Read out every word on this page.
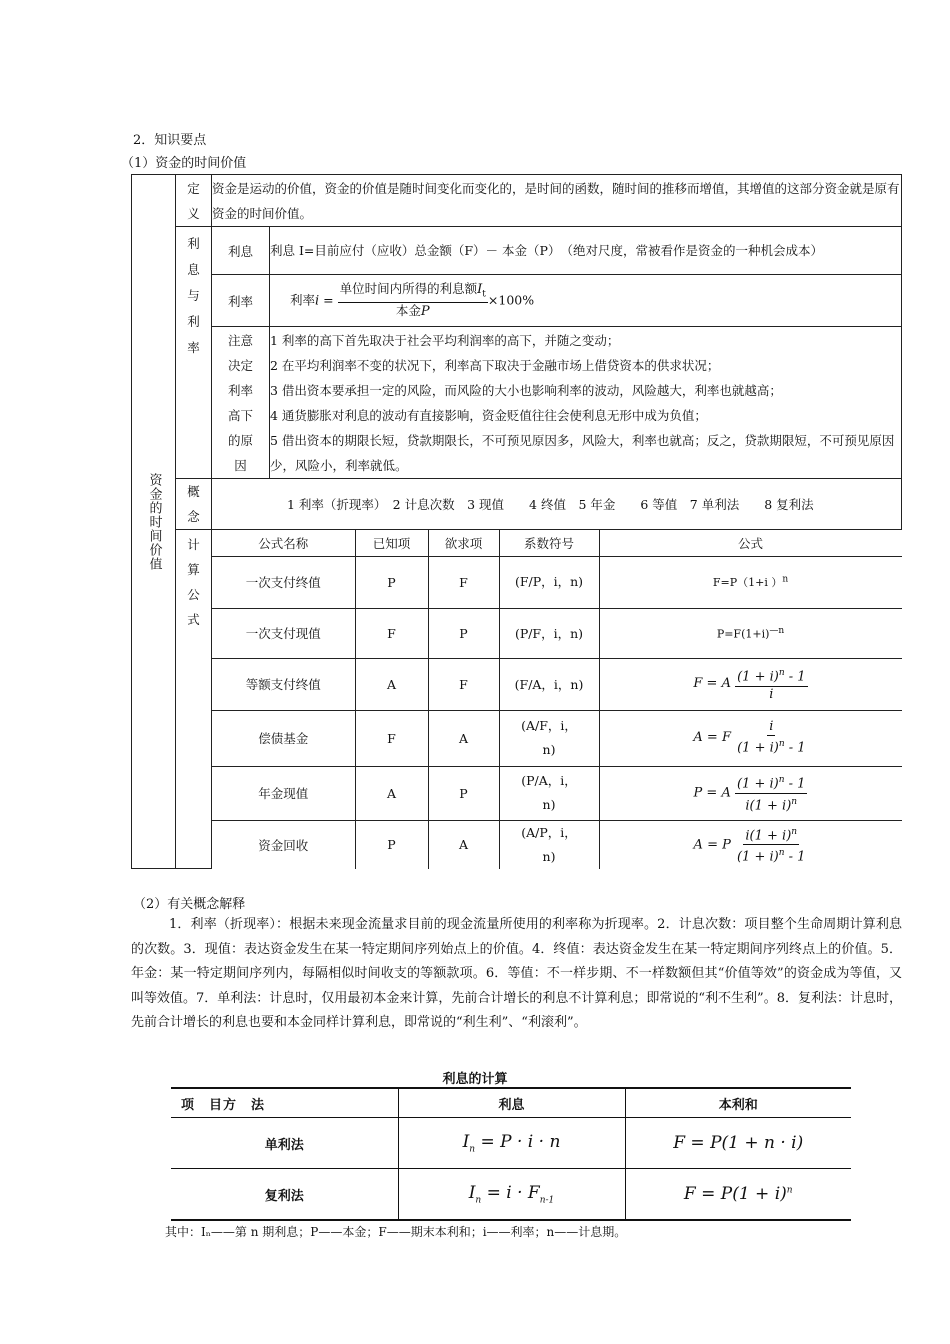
2．知识要点
（1）资金的时间价值
资金的时间价值

定义
	资金是运动的价值，资金的价值是随时间变化而变化的，是时间的函数，随时间的推移而增值，其增值的这部分资金就是原有资金的时间价值。

利息与利率
	利息	利息 I=目前应付（应收）总金额（F）－ 本金（P）　（绝对尺度，常被看作是资金的一种机会成本）
利率	利率$i = \frac{单位时间内所得的利息额I_t}{\text{本金P}} \times 100\%$

注意决定利率高下的原因

1 利率的高下首先取决于社会平均利润率的高下，并随之变动；
2 在平均利润率不变的状况下，利率高下取决于金融市场上借贷资本的供求状况；
3 借出资本要承担一定的风险，而风险的大小也影响利率的波动，风险越大，利率也就越高；
4 通货膨胀对利息的波动有直接影响，资金贬值往往会使利息无形中成为负值；
5 借出资本的期限长短，贷款期限长，不可预见原因多，风险大，利率也就高；反之，贷款期限短，不可预见原因少，风险小，利率就低。

概念
	1 利率（折现率）　2 计息次数　3 现值　　4 终值　5 年金　　6 等值　7 单利法　　8 复利法

计算公式

公式名称	已知项	欲求项	系数符号	公式
一次支付终值	P	F	(F/P，i，n)	F=P（1+i ）$^n$
一次支付现值	F	P	(P/F，i，n)	$P=F(1+i)^{—n}$
等额支付终值	A	F	(F/A，i，n)	F = A $\frac{(1 + i)^n - 1}{i}$

偿债基金	F	A	(A/F，i，n)	A = F $\frac{i}{(1 + i)^n - 1}$

年金现值	A	P	(P/A，i，n)	P = A $\frac{(1 + i)^n - 1}{i(1 + i)^n}$

资金回收	P	A	(A/P，i，n)	A = P $\frac{i(1 + i)^n}{(1 + i)^n - 1}$
（2）有关概念解释
1．利率（折现率）：根据未来现金流量求目前的现金流量所使用的利率称为折现率。2．计息次数：项目整个生命周期计算利息的次数。3．现值：表达资金发生在某一特定期间序列始点上的价值。4．终值：表达资金发生在某一特定期间序列终点上的价值。5．年金：某一特定期间序列内，每隔相似时间收支的等额款项。6．等值：不一样步期、不一样数额但其“价值等效”的资金成为等值，又叫等效值。7．单利法：计息时，仅用最初本金来计算，先前合计增长的利息不计算利息；即常说的“利不生利”。8．复利法：计息时，先前合计增长的利息也要和本金同样计算利息，即常说的“利生利”、“利滚利”。
利息的计算
项　目方　法	利息	本利和
单利法	$I_n = P \cdot i \cdot n$	F = P(1 + n · i)
复利法	$I_n = i \cdot F_{n-1}$	$F = P(1 + i)^n$
其中：Iₙ——第 n 期利息；P——本金；F——期末本利和；i——利率；n——计息期。
